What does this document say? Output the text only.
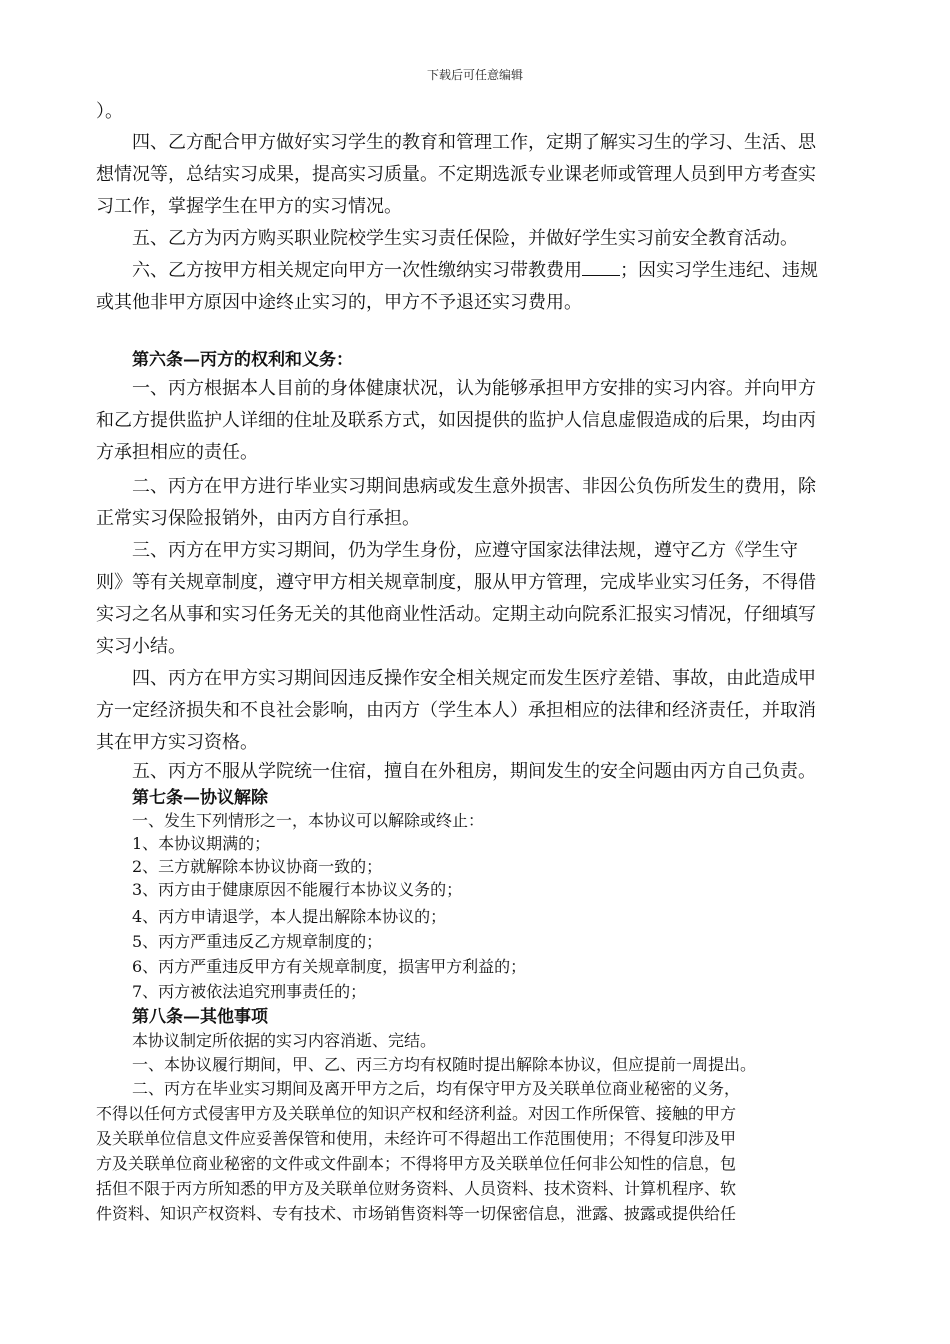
下载后可任意编辑
）。
四、乙方配合甲方做好实习学生的教育和管理工作，定期了解实习生的学习、生活、思
想情况等，总结实习成果，提高实习质量。不定期选派专业课老师或管理人员到甲方考查实
习工作，掌握学生在甲方的实习情况。
五、乙方为丙方购买职业院校学生实习责任保险，并做好学生实习前安全教育活动。
六、乙方按甲方相关规定向甲方一次性缴纳实习带教费用 ；因实习学生违纪、违规
或其他非甲方原因中途终止实习的，甲方不予退还实习费用。
第六条—丙方的权利和义务：
一、丙方根据本人目前的身体健康状况，认为能够承担甲方安排的实习内容。并向甲方
和乙方提供监护人详细的住址及联系方式，如因提供的监护人信息虚假造成的后果，均由丙
方承担相应的责任。
二、丙方在甲方进行毕业实习期间患病或发生意外损害、非因公负伤所发生的费用，除
正常实习保险报销外，由丙方自行承担。
三、丙方在甲方实习期间，仍为学生身份，应遵守国家法律法规，遵守乙方《学生守
则》等有关规章制度，遵守甲方相关规章制度，服从甲方管理，完成毕业实习任务，不得借
实习之名从事和实习任务无关的其他商业性活动。定期主动向院系汇报实习情况，仔细填写
实习小结。
四、丙方在甲方实习期间因违反操作安全相关规定而发生医疗差错、事故，由此造成甲
方一定经济损失和不良社会影响，由丙方（学生本人）承担相应的法律和经济责任，并取消
其在甲方实习资格。
五、丙方不服从学院统一住宿，擅自在外租房，期间发生的安全问题由丙方自己负责。
第七条—协议解除
一、发生下列情形之一，本协议可以解除或终止：
1、本协议期满的；
2、三方就解除本协议协商一致的；
3、丙方由于健康原因不能履行本协议义务的；
4、丙方申请退学，本人提出解除本协议的；
5、丙方严重违反乙方规章制度的；
6、丙方严重违反甲方有关规章制度，损害甲方利益的；
7、丙方被依法追究刑事责任的；
第八条—其他事项
本协议制定所依据的实习内容消逝、完结。
一、本协议履行期间，甲、乙、丙三方均有权随时提出解除本协议，但应提前一周提出。
二、丙方在毕业实习期间及离开甲方之后，均有保守甲方及关联单位商业秘密的义务，
不得以任何方式侵害甲方及关联单位的知识产权和经济利益。对因工作所保管、接触的甲方
及关联单位信息文件应妥善保管和使用，未经许可不得超出工作范围使用；不得复印涉及甲
方及关联单位商业秘密的文件或文件副本；不得将甲方及关联单位任何非公知性的信息，包
括但不限于丙方所知悉的甲方及关联单位财务资料、人员资料、技术资料、计算机程序、软
件资料、知识产权资料、专有技术、市场销售资料等一切保密信息，泄露、披露或提供给任
